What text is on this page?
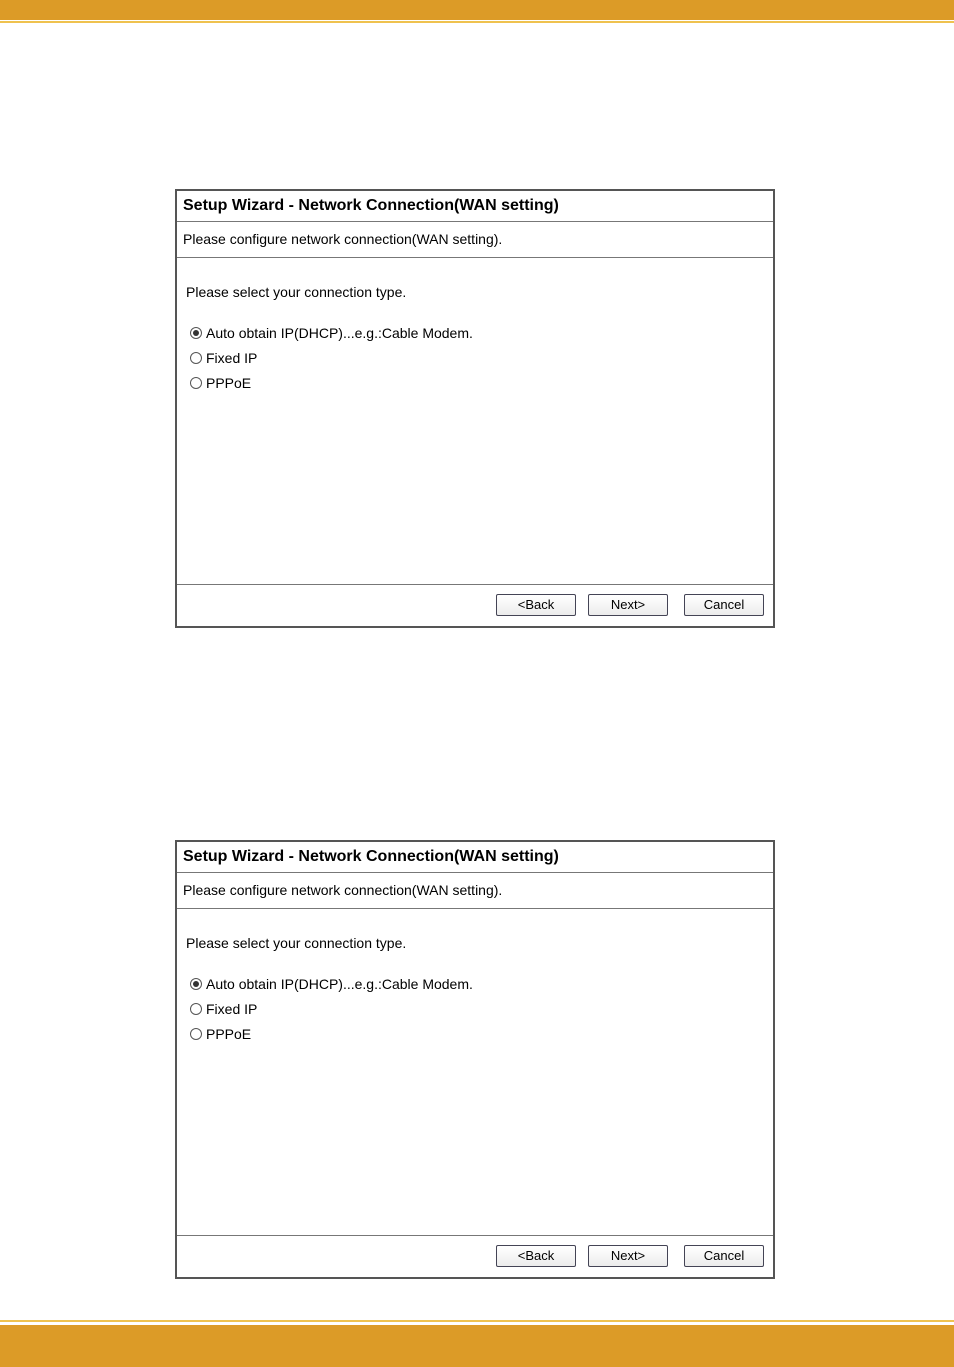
Setup Wizard - Network Connection(WAN setting)
Please configure network connection(WAN setting).
Please select your connection type.
Auto obtain IP(DHCP)...e.g.:Cable Modem.
Fixed IP
PPPoE
<Back	Next>	Cancel
Setup Wizard - Network Connection(WAN setting)
Please configure network connection(WAN setting).
Please select your connection type.
Auto obtain IP(DHCP)...e.g.:Cable Modem.
Fixed IP
PPPoE
<Back	Next>	Cancel
